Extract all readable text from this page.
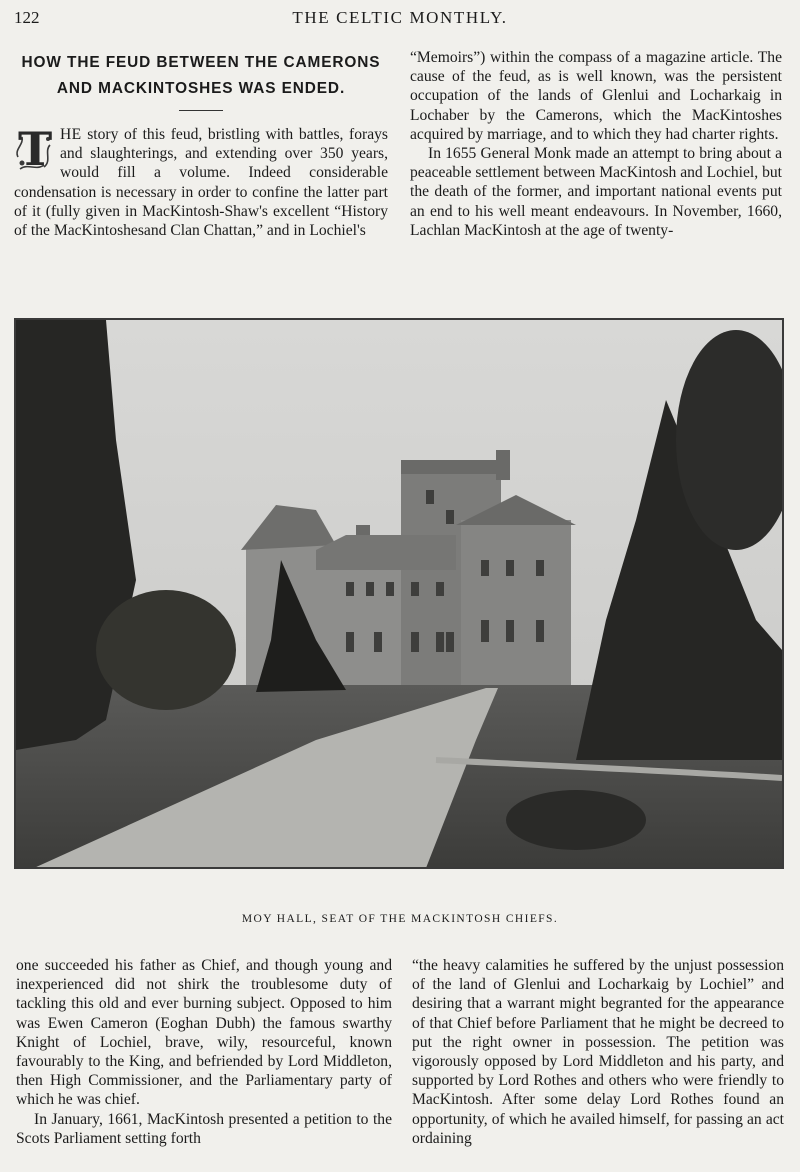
122	THE CELTIC MONTHLY.
HOW THE FEUD BETWEEN THE CAMERONS AND MACKINTOSHES WAS ENDED.

T HE story of this feud, bristling with battles, forays and slaughterings, and extending over 350 years, would fill a volume. Indeed considerable condensation is necessary in order to confine the latter part of it (fully given in MacKintosh-Shaw's excellent “History of the MacKintoshesand Clan Chattan,” and in Lochiel's

“Memoirs”) within the compass of a magazine article. The cause of the feud, as is well known, was the persistent occupation of the lands of Glenlui and Locharkaig in Lochaber by the Camerons, which the MacKintoshes acquired by marriage, and to which they had charter rights.

In 1655 General Monk made an attempt to bring about a peaceable settlement between MacKintosh and Lochiel, but the death of the former, and important national events put an end to his well meant endeavours. In November, 1660, Lachlan MacKintosh at the age of twenty-

MOY HALL, SEAT OF THE MACKINTOSH CHIEFS.

one succeeded his father as Chief, and though young and inexperienced did not shirk the troublesome duty of tackling this old and ever burning subject. Opposed to him was Ewen Cameron (Eoghan Dubh) the famous swarthy Knight of Lochiel, brave, wily, resourceful, known favourably to the King, and befriended by Lord Middleton, then High Commissioner, and the Parliamentary party of which he was chief.

In January, 1661, MacKintosh presented a petition to the Scots Parliament setting forth

“the heavy calamities he suffered by the unjust possession of the land of Glenlui and Locharkaig by Lochiel” and desiring that a warrant might begranted for the appearance of that Chief before Parliament that he might be decreed to put the right owner in possession. The petition was vigorously opposed by Lord Middleton and his party, and supported by Lord Rothes and others who were friendly to MacKintosh. After some delay Lord Rothes found an opportunity, of which he availed himself, for passing an act ordaining
